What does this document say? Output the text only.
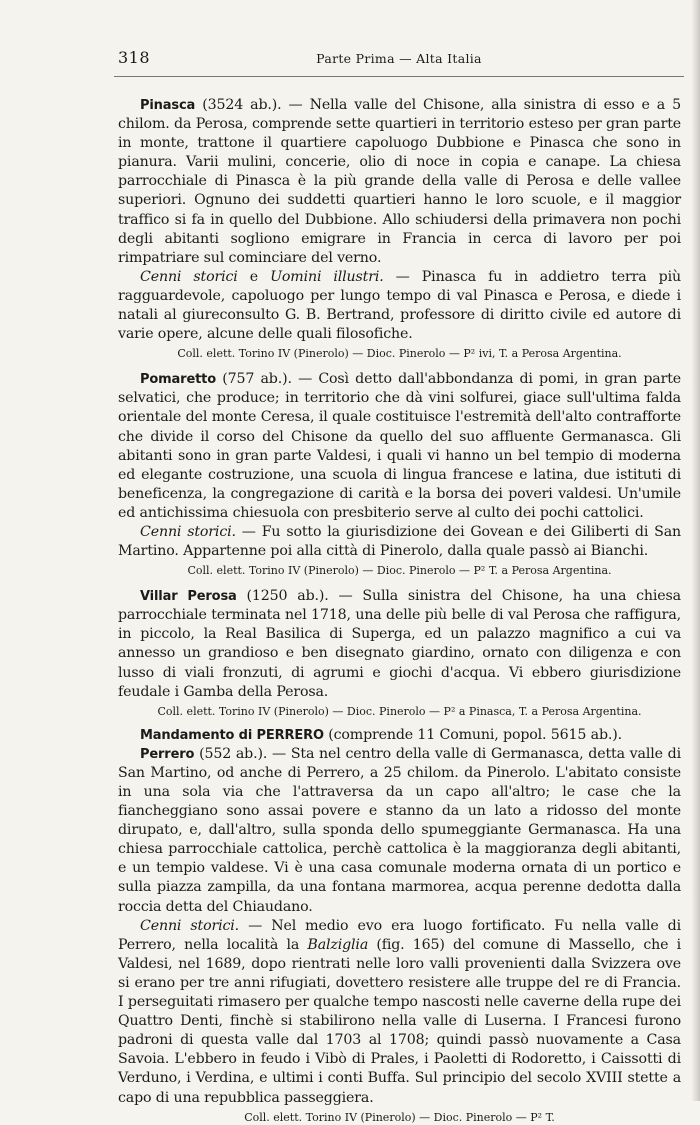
318	Parte Prima — Alta Italia

Pinasca (3524 ab.). — Nella valle del Chisone, alla sinistra di esso e a 5 chilom. da Perosa, comprende sette quartieri in territorio esteso per gran parte in monte, trattone il quartiere capoluogo Dubbione e Pinasca che sono in pianura. Varii mulini, concerie, olio di noce in copia e canape. La chiesa parrocchiale di Pinasca è la più grande della valle di Perosa e delle vallee superiori. Ognuno dei suddetti quartieri hanno le loro scuole, e il maggior traffico si fa in quello del Dubbione. Allo schiudersi della primavera non pochi degli abitanti sogliono emigrare in Francia in cerca di lavoro per poi rimpatriare sul cominciare del verno.

Cenni storici e Uomini illustri. — Pinasca fu in addietro terra più ragguardevole, capoluogo per lungo tempo di val Pinasca e Perosa, e diede i natali al giureconsulto G. B. Bertrand, professore di diritto civile ed autore di varie opere, alcune delle quali filosofiche.

Coll. elett. Torino IV (Pinerolo) — Dioc. Pinerolo — P² ivi, T. a Perosa Argentina.

Pomaretto (757 ab.). — Così detto dall'abbondanza di pomi, in gran parte selvatici, che produce; in territorio che dà vini solfurei, giace sull'ultima falda orientale del monte Ceresa, il quale costituisce l'estremità dell'alto contrafforte che divide il corso del Chisone da quello del suo affluente Germanasca. Gli abitanti sono in gran parte Valdesi, i quali vi hanno un bel tempio di moderna ed elegante costruzione, una scuola di lingua francese e latina, due istituti di beneficenza, la congregazione di carità e la borsa dei poveri valdesi. Un'umile ed antichissima chiesuola con presbiterio serve al culto dei pochi cattolici.

Cenni storici. — Fu sotto la giurisdizione dei Govean e dei Giliberti di San Martino. Appartenne poi alla città di Pinerolo, dalla quale passò ai Bianchi.

Coll. elett. Torino IV (Pinerolo) — Dioc. Pinerolo — P² T. a Perosa Argentina.

Villar Perosa (1250 ab.). — Sulla sinistra del Chisone, ha una chiesa parrocchiale terminata nel 1718, una delle più belle di val Perosa che raffigura, in piccolo, la Real Basilica di Superga, ed un palazzo magnifico a cui va annesso un grandioso e ben disegnato giardino, ornato con diligenza e con lusso di viali fronzuti, di agrumi e giochi d'acqua. Vi ebbero giurisdizione feudale i Gamba della Perosa.

Coll. elett. Torino IV (Pinerolo) — Dioc. Pinerolo — P² a Pinasca, T. a Perosa Argentina.

Mandamento di PERRERO (comprende 11 Comuni, popol. 5615 ab.).

Perrero (552 ab.). — Sta nel centro della valle di Germanasca, detta valle di San Martino, od anche di Perrero, a 25 chilom. da Pinerolo. L'abitato consiste in una sola via che l'attraversa da un capo all'altro; le case che la fiancheggiano sono assai povere e stanno da un lato a ridosso del monte dirupato, e, dall'altro, sulla sponda dello spumeggiante Germanasca. Ha una chiesa parrocchiale cattolica, perchè cattolica è la maggioranza degli abitanti, e un tempio valdese. Vi è una casa comunale moderna ornata di un portico e sulla piazza zampilla, da una fontana marmorea, acqua perenne dedotta dalla roccia detta del Chiaudano.

Cenni storici. — Nel medio evo era luogo fortificato. Fu nella valle di Perrero, nella località la Balziglia (fig. 165) del comune di Massello, che i Valdesi, nel 1689, dopo rientrati nelle loro valli provenienti dalla Svizzera ove si erano per tre anni rifugiati, dovettero resistere alle truppe del re di Francia. I perseguitati rimasero per qualche tempo nascosti nelle caverne della rupe dei Quattro Denti, finchè si stabilirono nella valle di Luserna. I Francesi furono padroni di questa valle dal 1703 al 1708; quindi passò nuovamente a Casa Savoia. L'ebbero in feudo i Vibò di Prales, i Paoletti di Rodoretto, i Caissotti di Verduno, i Verdina, e ultimi i conti Buffa. Sul principio del secolo XVIII stette a capo di una repubblica passeggiera.

Coll. elett. Torino IV (Pinerolo) — Dioc. Pinerolo — P² T.
